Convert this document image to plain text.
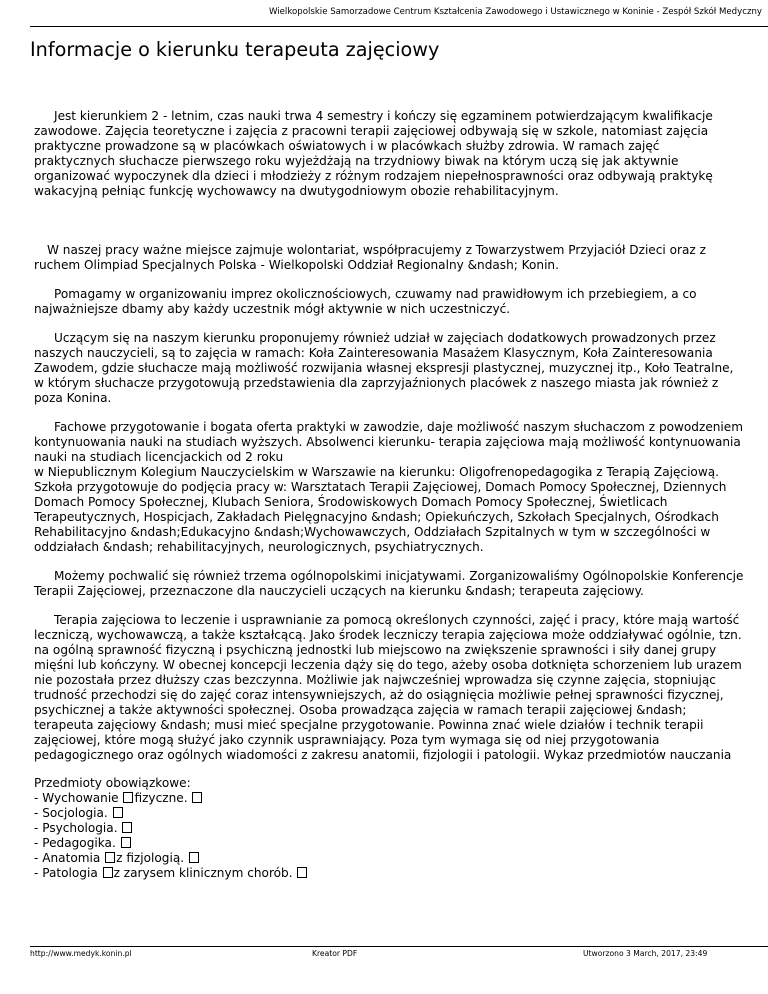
Wielkopolskie Samorzadowe Centrum Kształcenia Zawodowego i Ustawicznego w Koninie - Zespół Szkół Medyczny
Informacje o kierunku terapeuta zajęciowy

Jest kierunkiem 2 - letnim, czas nauki trwa 4 semestry i kończy się egzaminem potwierdzającym kwalifikacje zawodowe. Zajęcia teoretyczne i zajęcia z pracowni terapii zajęciowej odbywają się w szkole, natomiast zajęcia praktyczne prowadzone są w placówkach oświatowych i w placówkach służby zdrowia. W ramach zajęć praktycznych słuchacze pierwszego roku wyjeżdżają na trzydniowy biwak na którym uczą się jak aktywnie organizować wypoczynek dla dzieci i młodzieży z różnym rodzajem niepełnosprawności oraz odbywają praktykę wakacyjną pełniąc funkcję wychowawcy na dwutygodniowym obozie rehabilitacyjnym.

W naszej pracy ważne miejsce zajmuje wolontariat, współpracujemy z Towarzystwem Przyjaciół Dzieci oraz z ruchem Olimpiad Specjalnych Polska - Wielkopolski Oddział Regionalny &ndash; Konin.

Pomagamy w organizowaniu imprez okolicznościowych, czuwamy nad prawidłowym ich przebiegiem, a co najważniejsze dbamy aby każdy uczestnik mógł aktywnie w nich uczestniczyć.

Uczącym się na naszym kierunku proponujemy również udział w zajęciach dodatkowych prowadzonych przez naszych nauczycieli, są to zajęcia w ramach: Koła Zainteresowania Masażem Klasycznym, Koła Zainteresowania Zawodem, gdzie słuchacze mają możliwość rozwijania własnej ekspresji plastycznej, muzycznej itp., Koło Teatralne, w którym słuchacze przygotowują przedstawienia dla zaprzyjaźnionych placówek z naszego miasta jak również z poza Konina.

Fachowe przygotowanie i bogata oferta praktyki w zawodzie, daje możliwość naszym słuchaczom z powodzeniem kontynuowania nauki na studiach wyższych. Absolwenci kierunku- terapia zajęciowa mają możliwość kontynuowania nauki na studiach licencjackich od 2 roku
w Niepublicznym Kolegium Nauczycielskim w Warszawie na kierunku: Oligofrenopedagogika z Terapią Zajęciową. Szkoła przygotowuje do podjęcia pracy w: Warsztatach Terapii Zajęciowej, Domach Pomocy Społecznej, Dziennych Domach Pomocy Społecznej, Klubach Seniora, Środowiskowych Domach Pomocy Społecznej, Świetlicach Terapeutycznych, Hospicjach, Zakładach Pielęgnacyjno &ndash; Opiekuńczych, Szkołach Specjalnych, Ośrodkach Rehabilitacyjno &ndash;Edukacyjno &ndash;Wychowawczych, Oddziałach Szpitalnych w tym w szczególności w oddziałach &ndash; rehabilitacyjnych, neurologicznych, psychiatrycznych.

Możemy pochwalić się również trzema ogólnopolskimi inicjatywami. Zorganizowaliśmy Ogólnopolskie Konferencje Terapii Zajęciowej, przeznaczone dla nauczycieli uczących na kierunku &ndash; terapeuta zajęciowy.

Terapia zajęciowa to leczenie i usprawnianie za pomocą określonych czynności, zajęć i pracy, które mają wartość leczniczą, wychowawczą, a także kształcącą. Jako środek leczniczy terapia zajęciowa może oddziaływać ogólnie, tzn. na ogólną sprawność fizyczną i psychiczną jednostki lub miejscowo na zwiększenie sprawności i siły danej grupy mięśni lub kończyny. W obecnej koncepcji leczenia dąży się do tego, ażeby osoba dotknięta schorzeniem lub urazem nie pozostała przez dłuższy czas bezczynna. Możliwie jak najwcześniej wprowadza się czynne zajęcia, stopniując trudność przechodzi się do zajęć coraz intensywniejszych, aż do osiągnięcia możliwie pełnej sprawności fizycznej, psychicznej a także aktywności społecznej. Osoba prowadząca zajęcia w ramach terapii zajęciowej &ndash; terapeuta zajęciowy &ndash; musi mieć specjalne przygotowanie. Powinna znać wiele działów i technik terapii zajęciowej, które mogą służyć jako czynnik usprawniający. Poza tym wymaga się od niej przygotowania pedagogicznego oraz ogólnych wiadomości z zakresu anatomii, fizjologii i patologii. Wykaz przedmiotów nauczania

Przedmioty obowiązkowe:
- Wychowanie fizyczne.
- Socjologia.
- Psychologia.
- Pedagogika.
- Anatomia z fizjologią.
- Patologia z zarysem klinicznym chorób.
http://www.medyk.konin.pl	Kreator PDF	Utworzono 3 March, 2017, 23:49
